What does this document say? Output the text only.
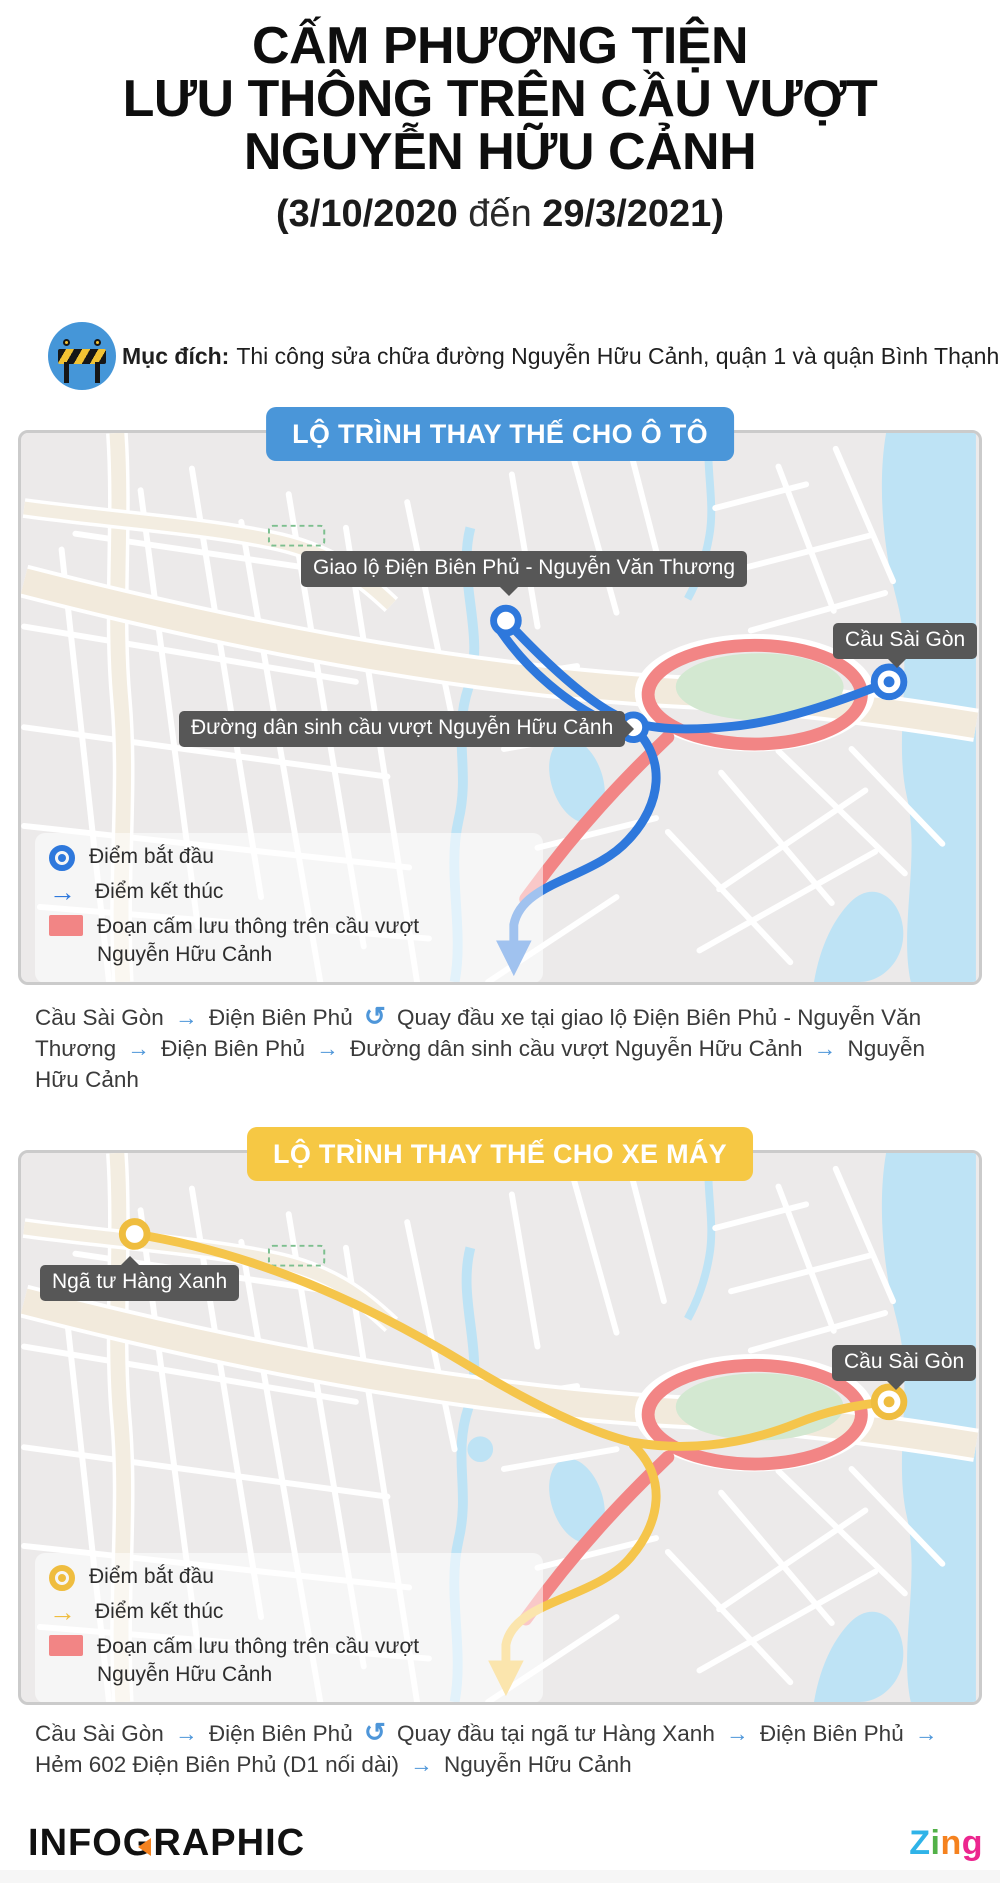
CẤM PHƯƠNG TIỆN
LƯU THÔNG TRÊN CẦU VƯỢT
NGUYỄN HỮU CẢNH
(3/10/2020 đến 29/3/2021)
Mục đích: Thi công sửa chữa đường Nguyễn Hữu Cảnh, quận 1 và quận Bình Thạnh
Giao lộ Điện Biên Phủ - Nguyễn Văn Thương
Cầu Sài Gòn
Đường dân sinh cầu vượt Nguyễn Hữu Cảnh
Điểm bắt đầu
→ Điểm kết thúc
Đoạn cấm lưu thông trên cầu vượt
Nguyễn Hữu Cảnh
LỘ TRÌNH THAY THẾ CHO Ô TÔ
Cầu Sài Gòn → Điện Biên Phủ ↺ Quay đầu xe tại giao lộ Điện Biên Phủ - Nguyễn Văn Thương → Điện Biên Phủ → Đường dân sinh cầu vượt Nguyễn Hữu Cảnh → Nguyễn Hữu Cảnh
Ngã tư Hàng Xanh
Cầu Sài Gòn
Điểm bắt đầu
→ Điểm kết thúc
Đoạn cấm lưu thông trên cầu vượt
Nguyễn Hữu Cảnh
LỘ TRÌNH THAY THẾ CHO XE MÁY
Cầu Sài Gòn → Điện Biên Phủ ↺ Quay đầu tại ngã tư Hàng Xanh → Điện Biên Phủ → Hẻm 602 Điện Biên Phủ (D1 nối dài) → Nguyễn Hữu Cảnh
INFOG
RAPHIC	Zing
